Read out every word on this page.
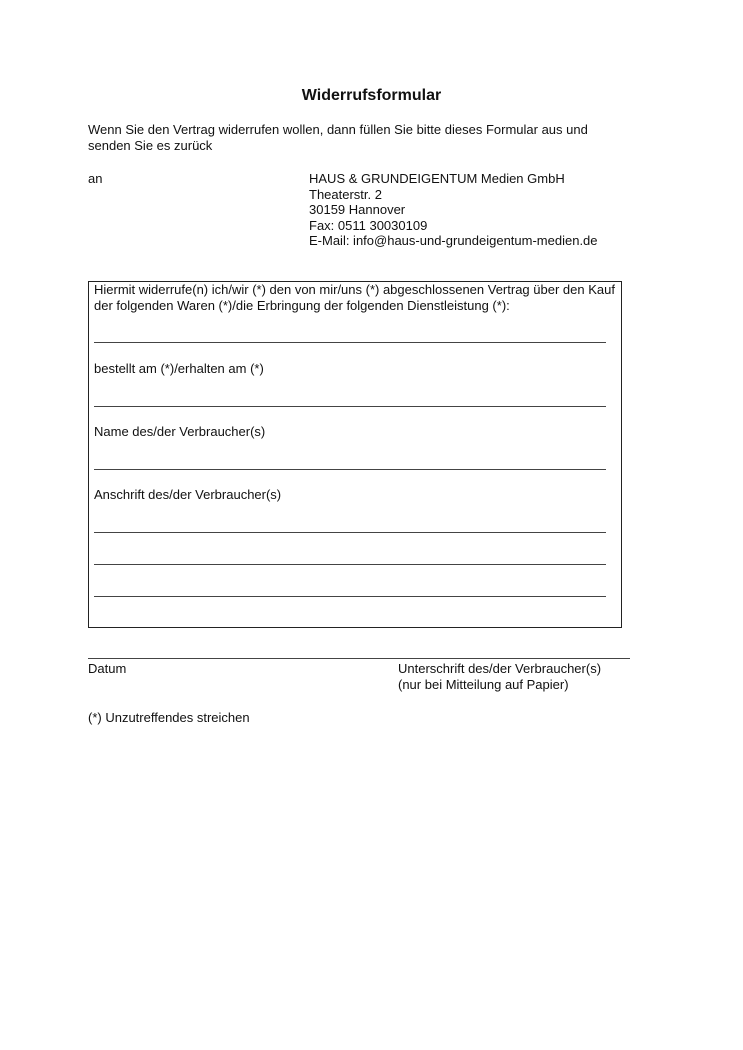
Widerrufsformular
Wenn Sie den Vertrag widerrufen wollen, dann füllen Sie bitte dieses Formular aus und senden Sie es zurück
an	HAUS & GRUNDEIGENTUM Medien GmbH
Theaterstr. 2
30159 Hannover
Fax: 0511 30030109
E-Mail: info@haus-und-grundeigentum-medien.de
Hiermit widerrufe(n) ich/wir (*) den von mir/uns (*) abgeschlossenen Vertrag über den Kauf der folgenden Waren (*)/die Erbringung der folgenden Dienstleistung (*):
bestellt am (*)/erhalten am (*)
Name des/der Verbraucher(s)
Anschrift des/der Verbraucher(s)
Datum	Unterschrift des/der Verbraucher(s)
(nur bei Mitteilung auf Papier)
(*) Unzutreffendes streichen
